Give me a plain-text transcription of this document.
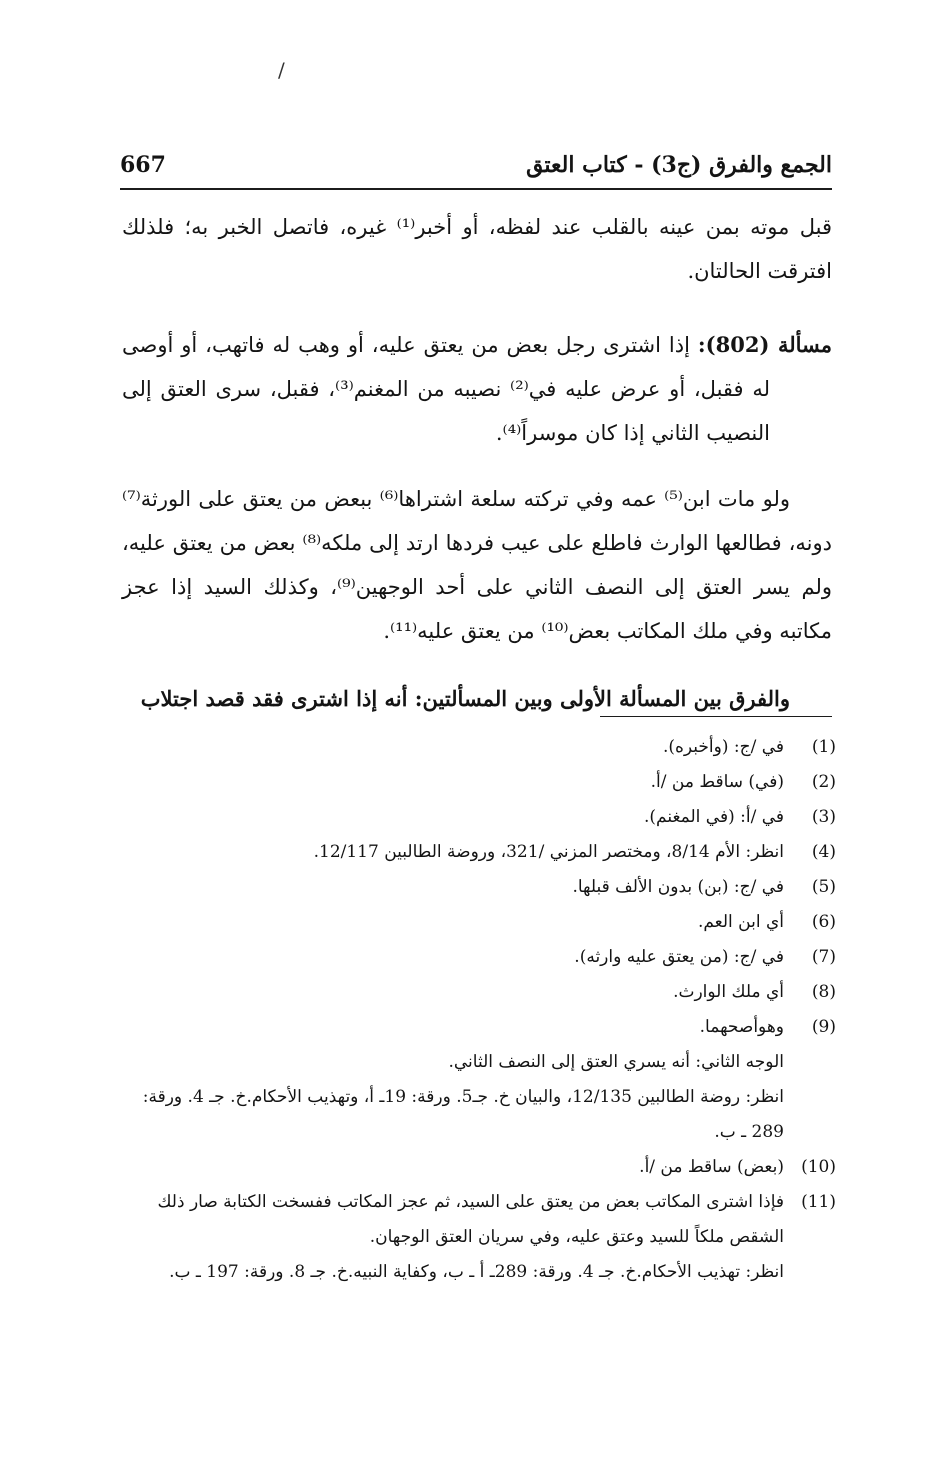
/
667	الجمع والفرق (ج3) - كتاب العتق

قبل موته بمن عينه بالقلب عند لفظه، أو أخبر⁽¹⁾ غيره، فاتصل الخبر به؛ فلذلك افترقت الحالتان.

مسألة (802): إذا اشترى رجل بعض من يعتق عليه، أو وهب له فاتهب، أو أوصى له فقبل، أو عرض عليه في⁽²⁾ نصيبه من المغنم⁽³⁾، فقبل، سرى العتق إلى النصيب الثاني إذا كان موسراً⁽⁴⁾.

ولو مات ابن⁽⁵⁾ عمه وفي تركته سلعة اشتراها⁽⁶⁾ ببعض من يعتق على الورثة⁽⁷⁾ دونه، فطالعها الوارث فاطلع على عيب فردها ارتد إلى ملكه⁽⁸⁾ بعض من يعتق عليه، ولم يسر العتق إلى النصف الثاني على أحد الوجهين⁽⁹⁾، وكذلك السيد إذا عجز مكاتبه وفي ملك المكاتب بعض⁽¹⁰⁾ من يعتق عليه⁽¹¹⁾.

والفرق بين المسألة الأولى وبين المسألتين: أنه إذا اشترى فقد قصد اجتلاب

(1)
في /ج: (وأخبره).
(2)
(في) ساقط من /أ.
(3)
في /أ: (في المغنم).
(4)
انظر: الأم 8/14، ومختصر المزني /321، وروضة الطالبين 12/117.
(5)
في /ج: (بن) بدون الألف قبلها.
(6)
أي ابن العم.
(7)
في /ج: (من يعتق عليه وارثه).
(8)
أي ملك الوارث.
(9)
وهوأصحهما.
الوجه الثاني: أنه يسري العتق إلى النصف الثاني.
انظر: روضة الطالبين 12/135، والبيان خ. جـ5. ورقة: 19ـ أ، وتهذيب الأحكام.خ. جـ 4. ورقة: 289 ـ ب.
(10)
(بعض) ساقط من /أ.
(11)
فإذا اشترى المكاتب بعض من يعتق على السيد، ثم عجز المكاتب ففسخت الكتابة صار ذلك الشقص ملكاً للسيد وعتق عليه، وفي سريان العتق الوجهان.
انظر: تهذيب الأحكام.خ. جـ 4. ورقة: 289ـ أ ـ ب، وكفاية النبيه.خ. جـ 8. ورقة: 197 ـ ب.
